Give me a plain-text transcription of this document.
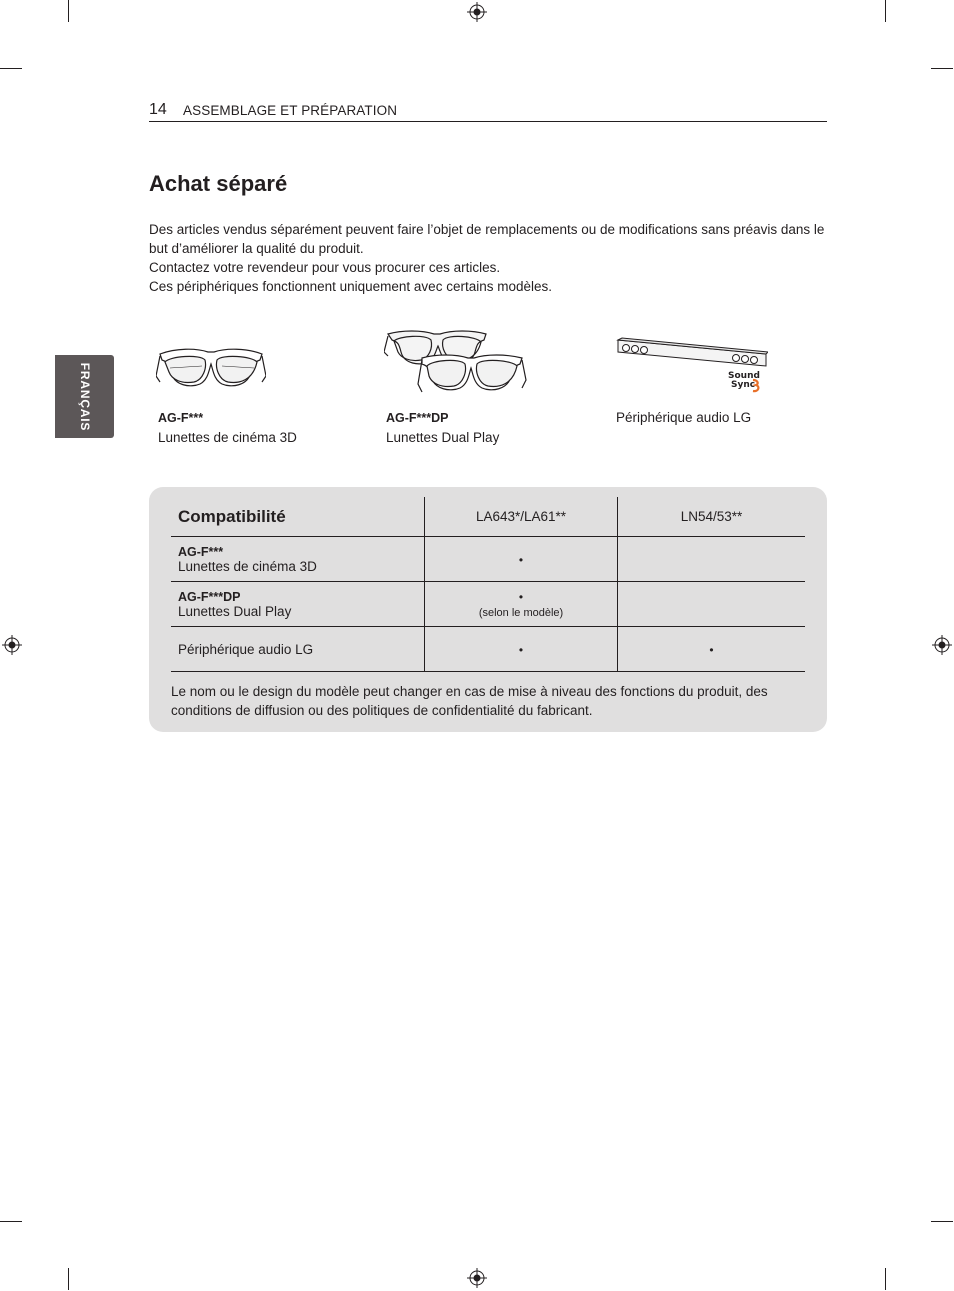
14 ASSEMBLAGE ET PRÉPARATION
FRANÇAIS
Achat séparé

Des articles vendus séparément peuvent faire l’objet de remplacements ou de modifications sans préavis dans le but d’améliorer la qualité du produit.

Contactez votre revendeur pour vous procurer ces articles.

Ces périphériques fonctionnent uniquement avec certains modèles.

AG-F***
Lunettes de cinéma 3D
AG-F***DP
Lunettes Dual Play
Sound
Sync
Périphérique audio LG
Compatibilité	LA643*/LA61**	LN54/53**
AG-F***
Lunettes de cinéma 3D	•	
AG-F***DP
Lunettes Dual Play	•
(selon le modèle)	
Périphérique audio LG	•	•
Le nom ou le design du modèle peut changer en cas de mise à niveau des fonctions du produit, des conditions de diffusion ou des politiques de confidentialité du fabricant.
